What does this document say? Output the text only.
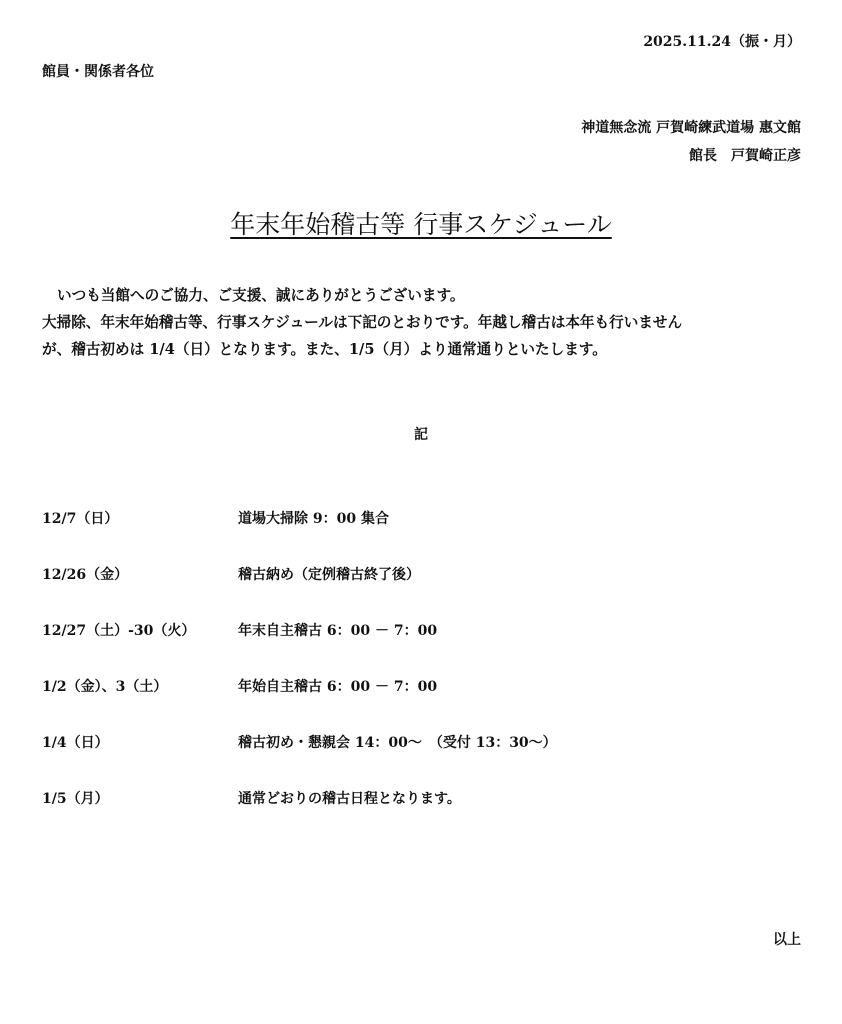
2025.11.24（振・月）
館員・関係者各位
神道無念流 戸賀崎練武道場 惠文館
館長　戸賀崎正彦
年末年始稽古等 行事スケジュール

いつも当館へのご協力、ご支援、誠にありがとうございます。

大掃除、年末年始稽古等、行事スケジュールは下記のとおりです。年越し稽古は本年も行いません

が、稽古初めは 1/4（日）となります。また、1/5（月）より通常通りといたします。

記
12/7（日）	道場大掃除 9：00 集合
12/26（金）	稽古納め（定例稽古終了後）
12/27（土）-30（火）	年末自主稽古 6：00 － 7：00
1/2（金）、3（土）	年始自主稽古 6：00 － 7：00
1/4（日）	稽古初め・懇親会 14：00～　（受付 13：30～）
1/5（月）	通常どおりの稽古日程となります。
以上
